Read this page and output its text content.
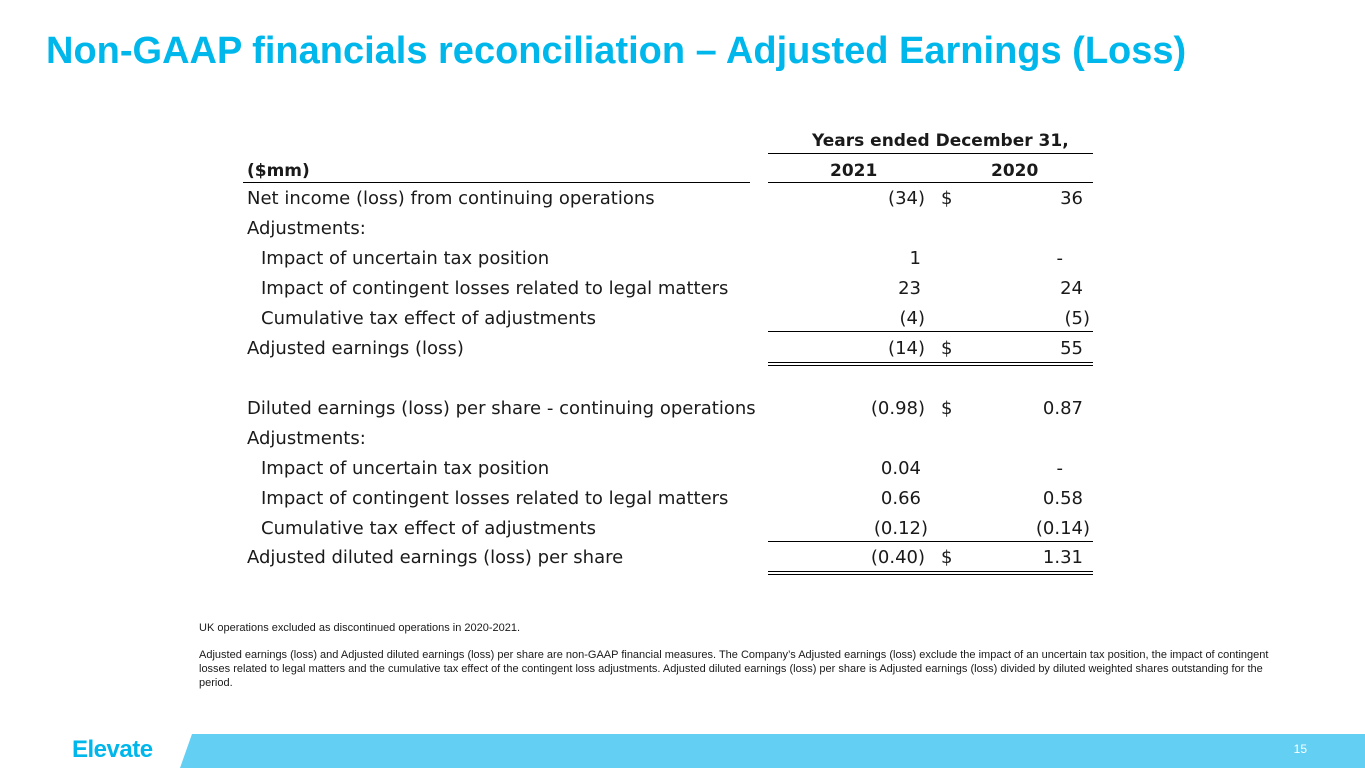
Non-GAAP financials reconciliation – Adjusted Earnings (Loss)
Years ended December 31,
($mm)	2021	2020
Net income (loss) from continuing operations	(34) $	36
Adjustments:
Impact of uncertain tax position	1	-
Impact of contingent losses related to legal matters	23	24
Cumulative tax effect of adjustments	(4)	(5)
Adjusted earnings (loss)	(14) $	55
Diluted earnings (loss) per share - continuing operations	(0.98) $	0.87
Adjustments:
Impact of uncertain tax position	0.04	-
Impact of contingent losses related to legal matters	0.66	0.58
Cumulative tax effect of adjustments	(0.12)	(0.14)
Adjusted diluted earnings (loss) per share	(0.40) $	1.31

UK operations excluded as discontinued operations in 2020-2021.

Adjusted earnings (loss) and Adjusted diluted earnings (loss) per share are non-GAAP financial measures. The Company’s Adjusted earnings (loss) exclude the impact of an uncertain tax position, the impact of contingent losses related to legal matters and the cumulative tax effect of the contingent loss adjustments. Adjusted diluted earnings (loss) per share is Adjusted earnings (loss) divided by diluted weighted shares outstanding for the period.

Elevate	15
